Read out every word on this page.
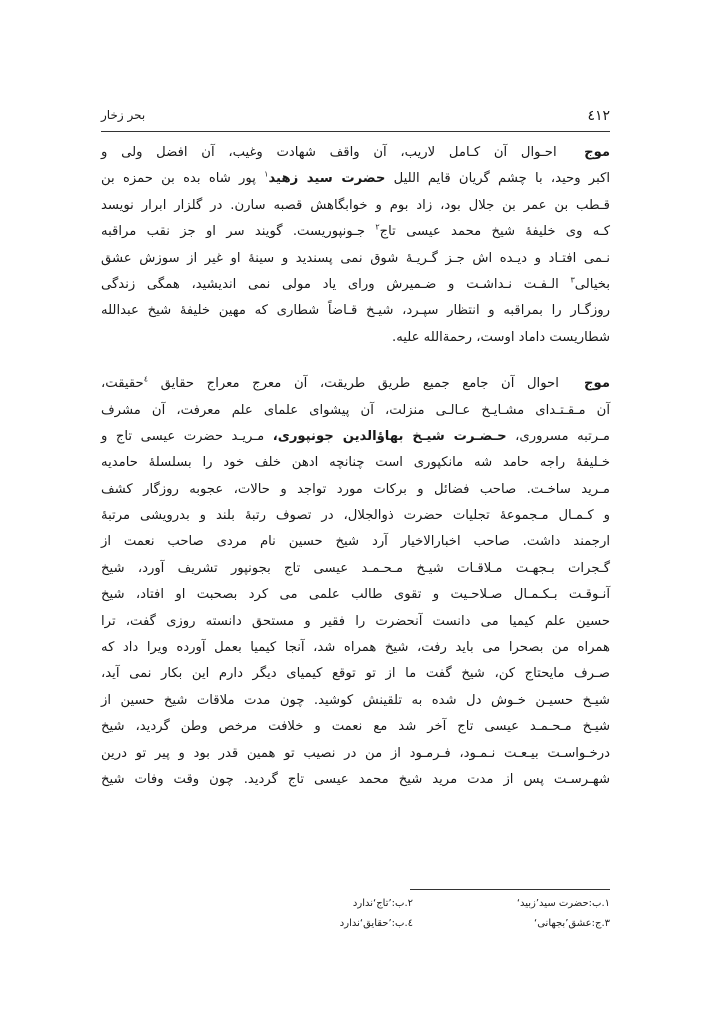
٤١٢
بحر زخار
موج  احـوال آن کـامل لاریب، آن واقف شهادت وغیب، آن افضل ولی و
اکبر وحید، با چشم گریان قایم اللیل حضرت سید زهید$^١$ پور شاه بده بن حمزه بن
قـطب بن عمر بن جلال بود، زاد بوم و خوابگاهش قصبه سارن. در گلزار ابرار نویسد
کـه وی خلیفهٔ شیخ محمد عیسی تاج$^٢$ جـونپوریست. گویند سر او جز نقب مراقبه
نـمی افتـاد و دیـده اش جـز گـریـهٔ شوق نمی پسندید و سینهٔ او غیر از سوزش عشق
بخیالی$^٣$ الـفـت نـداشـت و ضـمیرش ورای یاد مولی نمی اندیشید، همگی زندگی
روزگـار را بمراقبه و انتظار سپـرد، شیـخ قـاضاً شطاری که مهین خلیفهٔ شیخ عبدالله
شطاریست داماد اوست، رحمةالله علیه.
موج  احوال آن جامع جمیع طریق طریقت، آن معرج معراج حقایق $^٤$حقیقت،
آن مـقـتـدای مشـایـخ عـالـی منزلت، آن پیشوای علمای علم معرفت، آن مشرف
مـرتبه مسروری، حـضـرت شیـخ بهاؤالدین جونپوری، مـریـد حضرت عیسی تاج و
خـلیفهٔ راجه حامد شه مانکپوری است چنانچه ادهن خلف خود را بسلسلهٔ حامدیه
مـرید ساخـت. صاحب فضائل و برکات مورد تواجد و حالات، عجوبه روزگار کشف
و کـمـال مـجموعهٔ تجلیات حضرت ذوالجلال، در تصوف رتبهٔ بلند و بدرویشی مرتبهٔ
ارجمند داشت. صاحب اخبارالاخیار آرد شیخ حسین نام مردی صاحب نعمت از
گـجرات بـجهـت مـلاقـات شیـخ مـحـمـد عیسی تاج بجونپور تشریف آورد، شیخ
آنـوقـت بـکـمـال صـلاحـیت و تقوی طالب علمی می کرد بصحبت او افتاد، شیخ
حسین علم کیمیا می دانست آنحضرت را فقیر و مستحق دانسته روزی گفت، ترا
همراه من بصحرا می باید رفت، شیخ همراه شد، آنجا کیمیا بعمل آورده ویرا داد که
صـرف مایحتاج کن، شیخ گفت ما از تو توقع کیمیای دیگر دارم این بکار نمی آید،
شیـخ حسیـن خـوش دل شده به تلقینش کوشید. چون مدت ملاقات شیخ حسین از
شیـخ مـحـمـد عیسی تاج آخر شد مع نعمت و خلافت مرخص وطن گردید، شیخ
درخـواسـت بیـعـت نـمـود، فـرمـود از من در نصیب تو همین قدر بود و پیر تو درین
شهـرسـت پس از مدت مرید شیخ محمد عیسی تاج گردید. چون وقت وفات شیخ
١.ب:حضرت سید’زبید‘
٢.ب:’تاج‘ندارد
٣.ج:عشق’بجهانی‘
٤.ب:’حقایق‘ندارد
